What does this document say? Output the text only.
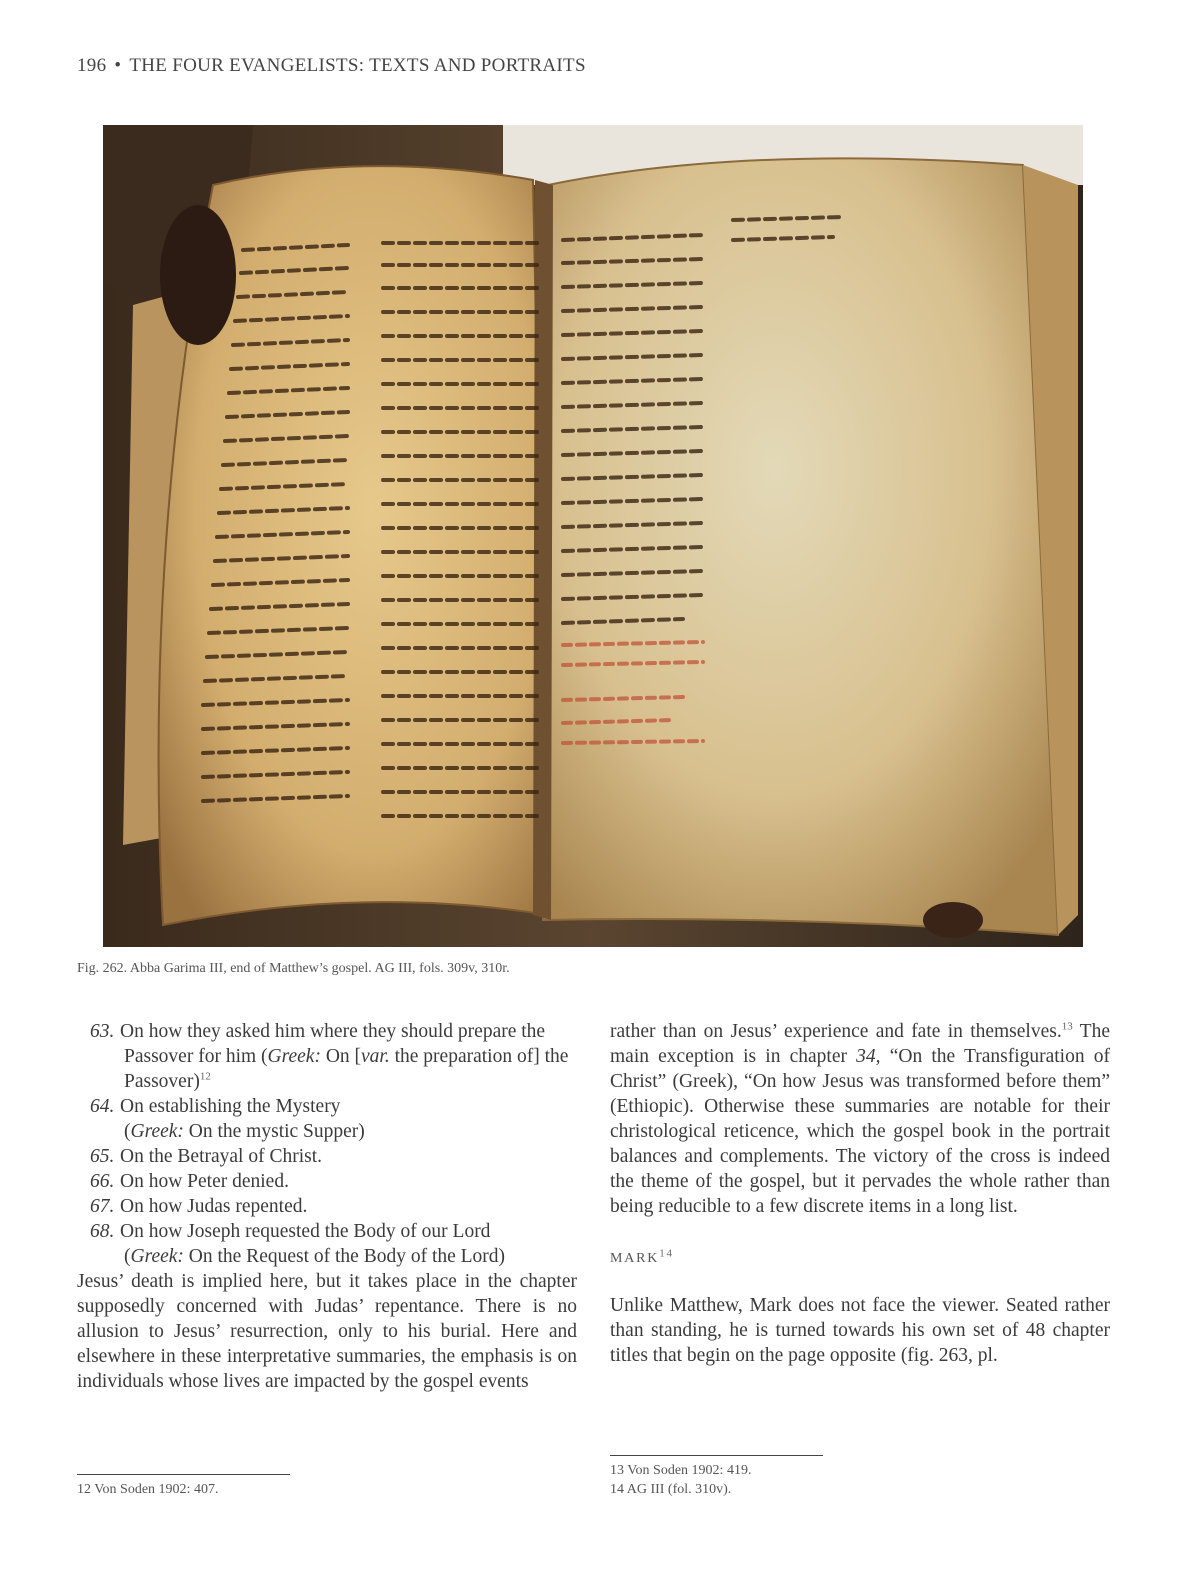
196 • THE FOUR EVANGELISTS: TEXTS AND PORTRAITS
Fig. 262. Abba Garima III, end of Matthew’s gospel. AG III, fols. 309v, 310r.
63. On how they asked him where they should prepare the Passover for him (Greek: On [var. the preparation of] the Passover)$^{12}$
64. On establishing the Mystery
(Greek: On the mystic Supper)
65. On the Betrayal of Christ.
66. On how Peter denied.
67. On how Judas repented.
68. On how Joseph requested the Body of our Lord
(Greek: On the Request of the Body of the Lord)

Jesus’ death is implied here, but it takes place in the chapter supposedly concerned with Judas’ repentance. There is no allusion to Jesus’ resurrection, only to his burial. Here and elsewhere in these interpretative summaries, the emphasis is on individuals whose lives are impacted by the gospel events

rather than on Jesus’ experience and fate in themselves.$^{13}$ The main exception is in chapter 34, “On the Transfiguration of Christ” (Greek), “On how Jesus was transformed before them” (Ethiopic). Otherwise these summaries are notable for their christological reticence, which the gospel book in the portrait balances and complements. The victory of the cross is indeed the theme of the gospel, but it pervades the whole rather than being reducible to a few discrete items in a long list.

MARK$^{14}$

Unlike Matthew, Mark does not face the viewer. Seated rather than standing, he is turned towards his own set of 48 chapter titles that begin on the page opposite (fig. 263, pl.

12 Von Soden 1902: 407.
13 Von Soden 1902: 419.
14 AG III (fol. 310v).
